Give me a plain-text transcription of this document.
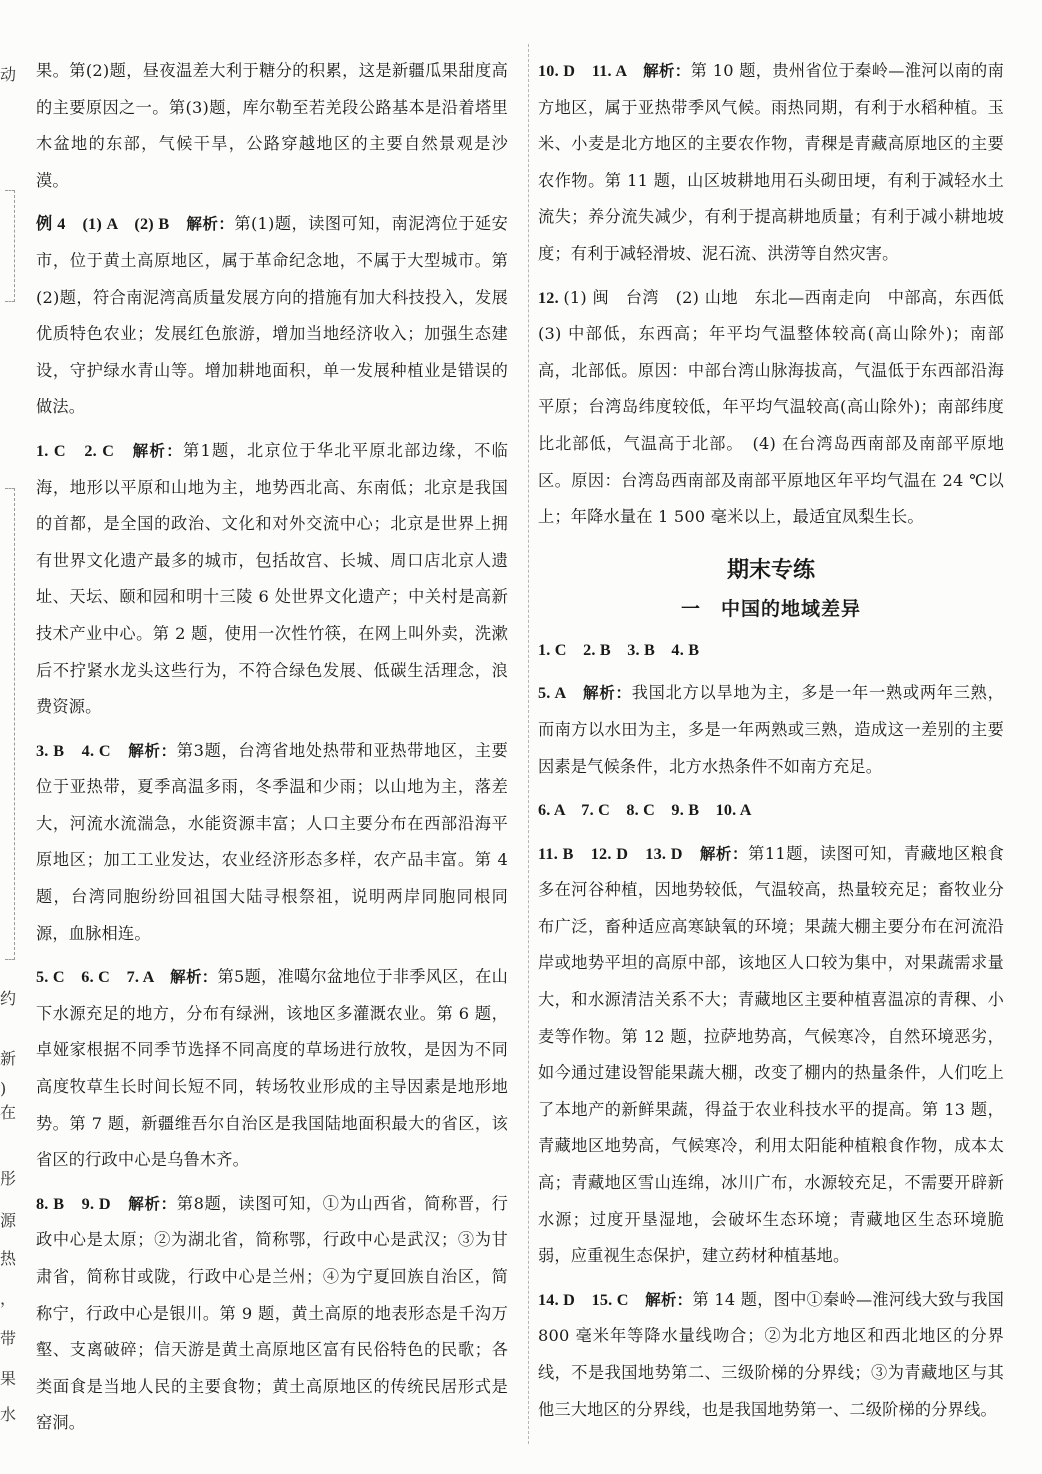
动
约
新
)
在
彤
源
热
，
带
果
水

果。第(2)题，昼夜温差大利于糖分的积累，这是新疆瓜果甜度高的主要原因之一。第(3)题，库尔勒至若羌段公路基本是沿着塔里木盆地的东部，气候干旱，公路穿越地区的主要自然景观是沙漠。

例 4　(1) A　(2) B　解析：第(1)题，读图可知，南泥湾位于延安市，位于黄土高原地区，属于革命纪念地，不属于大型城市。第(2)题，符合南泥湾高质量发展方向的措施有加大科技投入，发展优质特色农业；发展红色旅游，增加当地经济收入；加强生态建设，守护绿水青山等。增加耕地面积，单一发展种植业是错误的做法。

1. C　2. C　解析：第1题，北京位于华北平原北部边缘，不临海，地形以平原和山地为主，地势西北高、东南低；北京是我国的首都，是全国的政治、文化和对外交流中心；北京是世界上拥有世界文化遗产最多的城市，包括故宫、长城、周口店北京人遗址、天坛、颐和园和明十三陵 6 处世界文化遗产；中关村是高新技术产业中心。第 2 题，使用一次性竹筷，在网上叫外卖，洗漱后不拧紧水龙头这些行为，不符合绿色发展、低碳生活理念，浪费资源。

3. B　4. C　解析：第3题，台湾省地处热带和亚热带地区，主要位于亚热带，夏季高温多雨，冬季温和少雨；以山地为主，落差大，河流水流湍急，水能资源丰富；人口主要分布在西部沿海平原地区；加工工业发达，农业经济形态多样，农产品丰富。第 4 题，台湾同胞纷纷回祖国大陆寻根祭祖，说明两岸同胞同根同源，血脉相连。

5. C　6. C　7. A　解析：第5题，准噶尔盆地位于非季风区，在山下水源充足的地方，分布有绿洲，该地区多灌溉农业。第 6 题，卓娅家根据不同季节选择不同高度的草场进行放牧，是因为不同高度牧草生长时间长短不同，转场牧业形成的主导因素是地形地势。第 7 题，新疆维吾尔自治区是我国陆地面积最大的省区，该省区的行政中心是乌鲁木齐。

8. B　9. D　解析：第8题，读图可知，①为山西省，简称晋，行政中心是太原；②为湖北省，简称鄂，行政中心是武汉；③为甘肃省，简称甘或陇，行政中心是兰州；④为宁夏回族自治区，简称宁，行政中心是银川。第 9 题，黄土高原的地表形态是千沟万壑、支离破碎；信天游是黄土高原地区富有民俗特色的民歌；各类面食是当地人民的主要食物；黄土高原地区的传统民居形式是窑洞。

10. D　11. A　解析：第 10 题，贵州省位于秦岭—淮河以南的南方地区，属于亚热带季风气候。雨热同期，有利于水稻种植。玉米、小麦是北方地区的主要农作物，青稞是青藏高原地区的主要农作物。第 11 题，山区坡耕地用石头砌田埂，有利于减轻水土流失；养分流失减少，有利于提高耕地质量；有利于减小耕地坡度；有利于减轻滑坡、泥石流、洪涝等自然灾害。

12. (1) 闽　台湾　(2) 山地　东北—西南走向　中部高，东西低　(3) 中部低，东西高；年平均气温整体较高(高山除外)；南部高，北部低。原因：中部台湾山脉海拔高，气温低于东西部沿海平原；台湾岛纬度较低，年平均气温较高(高山除外)；南部纬度比北部低，气温高于北部。　(4) 在台湾岛西南部及南部平原地区。原因：台湾岛西南部及南部平原地区年平均气温在 24 ℃以上；年降水量在 1 500 毫米以上，最适宜凤梨生长。

期末专练
一　中国的地域差异

1. C　2. B　3. B　4. B

5. A　解析：我国北方以旱地为主，多是一年一熟或两年三熟，而南方以水田为主，多是一年两熟或三熟，造成这一差别的主要因素是气候条件，北方水热条件不如南方充足。

6. A　7. C　8. C　9. B　10. A

11. B　12. D　13. D　解析：第11题，读图可知，青藏地区粮食多在河谷种植，因地势较低，气温较高，热量较充足；畜牧业分布广泛，畜种适应高寒缺氧的环境；果蔬大棚主要分布在河流沿岸或地势平坦的高原中部，该地区人口较为集中，对果蔬需求量大，和水源清洁关系不大；青藏地区主要种植喜温凉的青稞、小麦等作物。第 12 题，拉萨地势高，气候寒冷，自然环境恶劣，如今通过建设智能果蔬大棚，改变了棚内的热量条件，人们吃上了本地产的新鲜果蔬，得益于农业科技水平的提高。第 13 题，青藏地区地势高，气候寒冷，利用太阳能种植粮食作物，成本太高；青藏地区雪山连绵，冰川广布，水源较充足，不需要开辟新水源；过度开垦湿地，会破坏生态环境；青藏地区生态环境脆弱，应重视生态保护，建立药材种植基地。

14. D　15. C　解析：第 14 题，图中①秦岭—淮河线大致与我国 800 毫米年等降水量线吻合；②为北方地区和西北地区的分界线，不是我国地势第二、三级阶梯的分界线；③为青藏地区与其他三大地区的分界线，也是我国地势第一、二级阶梯的分界线。
